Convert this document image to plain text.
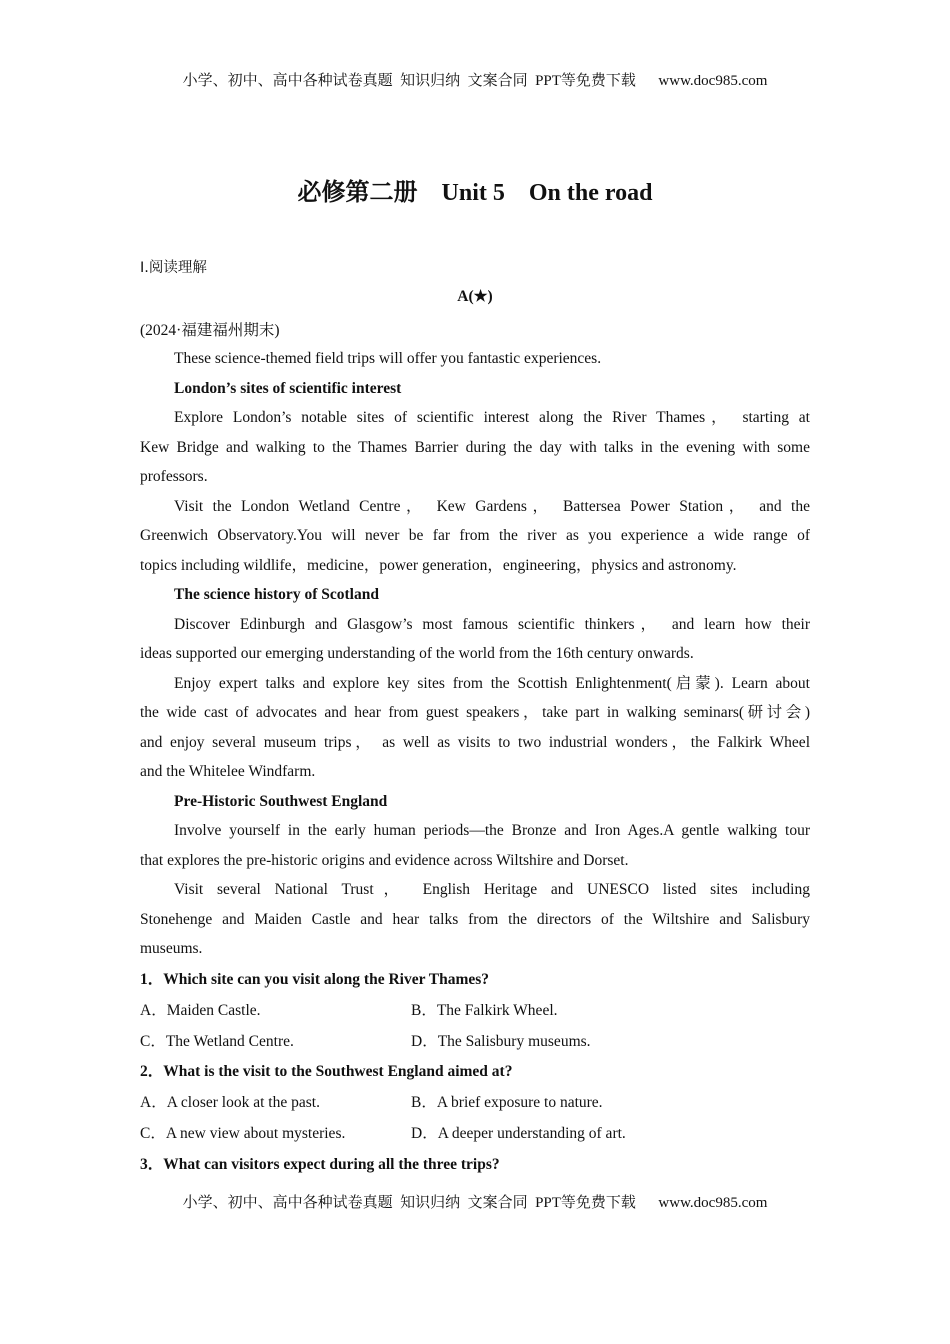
小学、初中、高中各种试卷真题  知识归纳  文案合同  PPT等免费下载      www.doc985.com
必修第二册    Unit 5    On the road
Ⅰ.阅读理解
A(★)
(2024·福建福州期末)
These science-themed field trips will offer you fantastic experiences.
London’s sites of scientific interest
Explore London’s notable sites of scientific interest along the River Thames， starting at
Kew Bridge and walking to the Thames Barrier during the day with talks in the evening with some
professors.
Visit the London Wetland Centre， Kew Gardens， Battersea Power Station， and the
Greenwich Observatory.You will never be far from the river as you experience a wide range of
topics including wildlife，medicine，power generation，engineering，physics and astronomy.
The science history of Scotland
Discover Edinburgh and Glasgow’s most famous scientific thinkers， and learn how their
ideas supported our emerging understanding of the world from the 16th century onwards.
Enjoy expert talks and explore key sites from the Scottish Enlightenment(启蒙). Learn about
the wide cast of advocates and hear from guest speakers，take part in walking seminars(研讨会)
and enjoy several museum trips， as well as visits to two industrial wonders，the Falkirk Wheel
and the Whitelee Windfarm.
Pre-Historic Southwest England
Involve yourself in the early human periods—the Bronze and Iron Ages.A gentle walking tour
that explores the pre-historic origins and evidence across Wiltshire and Dorset.
Visit several National Trust， English Heritage and UNESCO listed sites including
Stonehenge and Maiden Castle and hear talks from the directors of the Wiltshire and Salisbury
museums.
1．Which site can you visit along the River Thames?
A．Maiden Castle.	B．The Falkirk Wheel.
C．The Wetland Centre.	D．The Salisbury museums.
2．What is the visit to the Southwest England aimed at?
A．A closer look at the past.	B．A brief exposure to nature.
C．A new view about mysteries.	D．A deeper understanding of art.
3．What can visitors expect during all the three trips?
小学、初中、高中各种试卷真题  知识归纳  文案合同  PPT等免费下载      www.doc985.com
